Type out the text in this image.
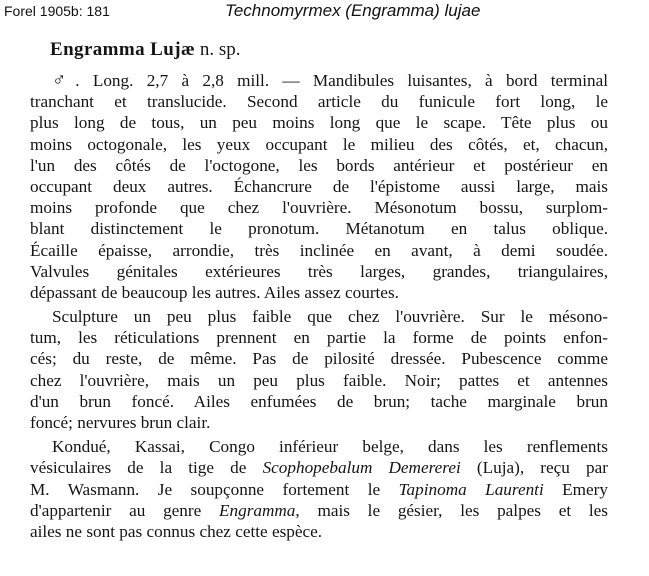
Forel 1905b: 181	Technomyrmex (Engramma) lujae
Engramma Lujæ n. sp.
♂. Long. 2,7 à 2,8 mill. — Mandibules luisantes, à bord terminal
tranchant et translucide. Second article du funicule fort long, le
plus long de tous, un peu moins long que le scape. Tête plus ou
moins octogonale, les yeux occupant le milieu des côtés, et, chacun,
l'un des côtés de l'octogone, les bords antérieur et postérieur en
occupant deux autres. Échancrure de l'épistome aussi large, mais
moins profonde que chez l'ouvrière. Mésonotum bossu, surplom-
blant distinctement le pronotum. Métanotum en talus oblique.
Écaille épaisse, arrondie, très inclinée en avant, à demi soudée.
Valvules génitales extérieures très larges, grandes, triangulaires,
dépassant de beaucoup les autres. Ailes assez courtes.
Sculpture un peu plus faible que chez l'ouvrière. Sur le mésono-
tum, les réticulations prennent en partie la forme de points enfon-
cés; du reste, de même. Pas de pilosité dressée. Pubescence comme
chez l'ouvrière, mais un peu plus faible. Noir; pattes et antennes
d'un brun foncé. Ailes enfumées de brun; tache marginale brun
foncé; nervures brun clair.
Kondué, Kassai, Congo inférieur belge, dans les renflements
vésiculaires de la tige de Scophopebalum Demererei (Luja), reçu par
M. Wasmann. Je soupçonne fortement le Tapinoma Laurenti Emery
d'appartenir au genre Engramma, mais le gésier, les palpes et les
ailes ne sont pas connus chez cette espèce.
